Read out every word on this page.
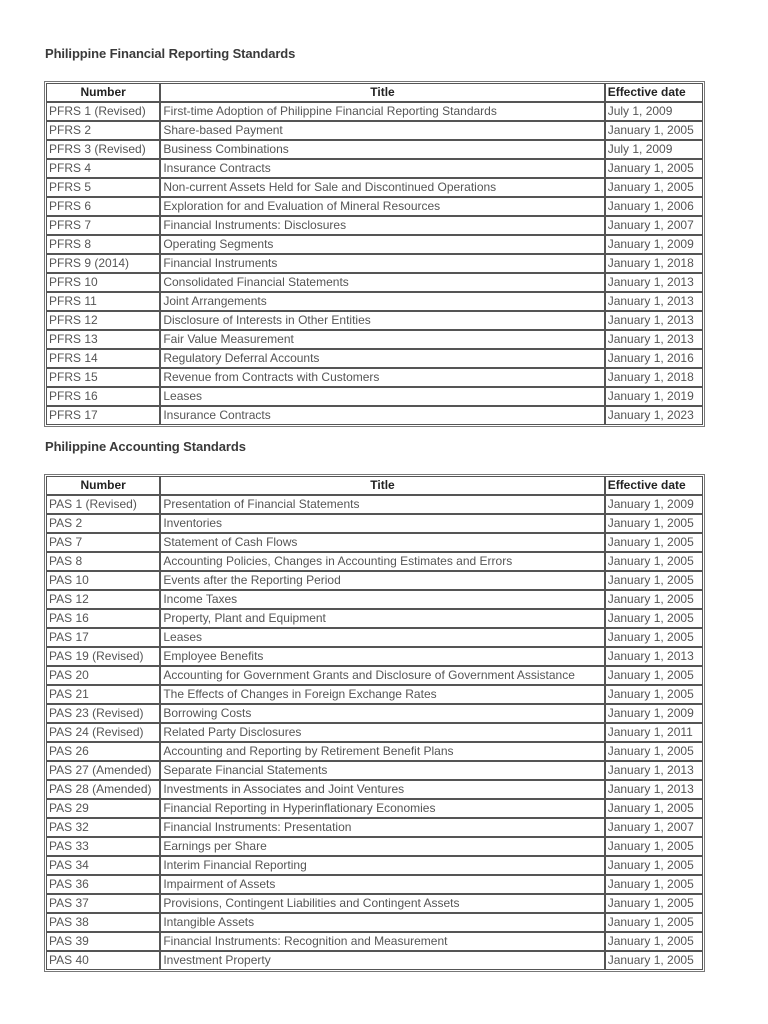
Philippine Financial Reporting Standards
Number	Title	Effective date
PFRS 1 (Revised)	First-time Adoption of Philippine Financial Reporting Standards	July 1, 2009
PFRS 2	Share-based Payment	January 1, 2005
PFRS 3 (Revised)	Business Combinations	July 1, 2009
PFRS 4	Insurance Contracts	January 1, 2005
PFRS 5	Non-current Assets Held for Sale and Discontinued Operations	January 1, 2005
PFRS 6	Exploration for and Evaluation of Mineral Resources	January 1, 2006
PFRS 7	Financial Instruments: Disclosures	January 1, 2007
PFRS 8	Operating Segments	January 1, 2009
PFRS 9 (2014)	Financial Instruments	January 1, 2018
PFRS 10	Consolidated Financial Statements	January 1, 2013
PFRS 11	Joint Arrangements	January 1, 2013
PFRS 12	Disclosure of Interests in Other Entities	January 1, 2013
PFRS 13	Fair Value Measurement	January 1, 2013
PFRS 14	Regulatory Deferral Accounts	January 1, 2016
PFRS 15	Revenue from Contracts with Customers	January 1, 2018
PFRS 16	Leases	January 1, 2019
PFRS 17	Insurance Contracts	January 1, 2023
Philippine Accounting Standards
Number	Title	Effective date
PAS 1 (Revised)	Presentation of Financial Statements	January 1, 2009
PAS 2	Inventories	January 1, 2005
PAS 7	Statement of Cash Flows	January 1, 2005
PAS 8	Accounting Policies, Changes in Accounting Estimates and Errors	January 1, 2005
PAS 10	Events after the Reporting Period	January 1, 2005
PAS 12	Income Taxes	January 1, 2005
PAS 16	Property, Plant and Equipment	January 1, 2005
PAS 17	Leases	January 1, 2005
PAS 19 (Revised)	Employee Benefits	January 1, 2013
PAS 20	Accounting for Government Grants and Disclosure of Government Assistance	January 1, 2005
PAS 21	The Effects of Changes in Foreign Exchange Rates	January 1, 2005
PAS 23 (Revised)	Borrowing Costs	January 1, 2009
PAS 24 (Revised)	Related Party Disclosures	January 1, 2011
PAS 26	Accounting and Reporting by Retirement Benefit Plans	January 1, 2005
PAS 27 (Amended)	Separate Financial Statements	January 1, 2013
PAS 28 (Amended)	Investments in Associates and Joint Ventures	January 1, 2013
PAS 29	Financial Reporting in Hyperinflationary Economies	January 1, 2005
PAS 32	Financial Instruments: Presentation	January 1, 2007
PAS 33	Earnings per Share	January 1, 2005
PAS 34	Interim Financial Reporting	January 1, 2005
PAS 36	Impairment of Assets	January 1, 2005
PAS 37	Provisions, Contingent Liabilities and Contingent Assets	January 1, 2005
PAS 38	Intangible Assets	January 1, 2005
PAS 39	Financial Instruments: Recognition and Measurement	January 1, 2005
PAS 40	Investment Property	January 1, 2005
